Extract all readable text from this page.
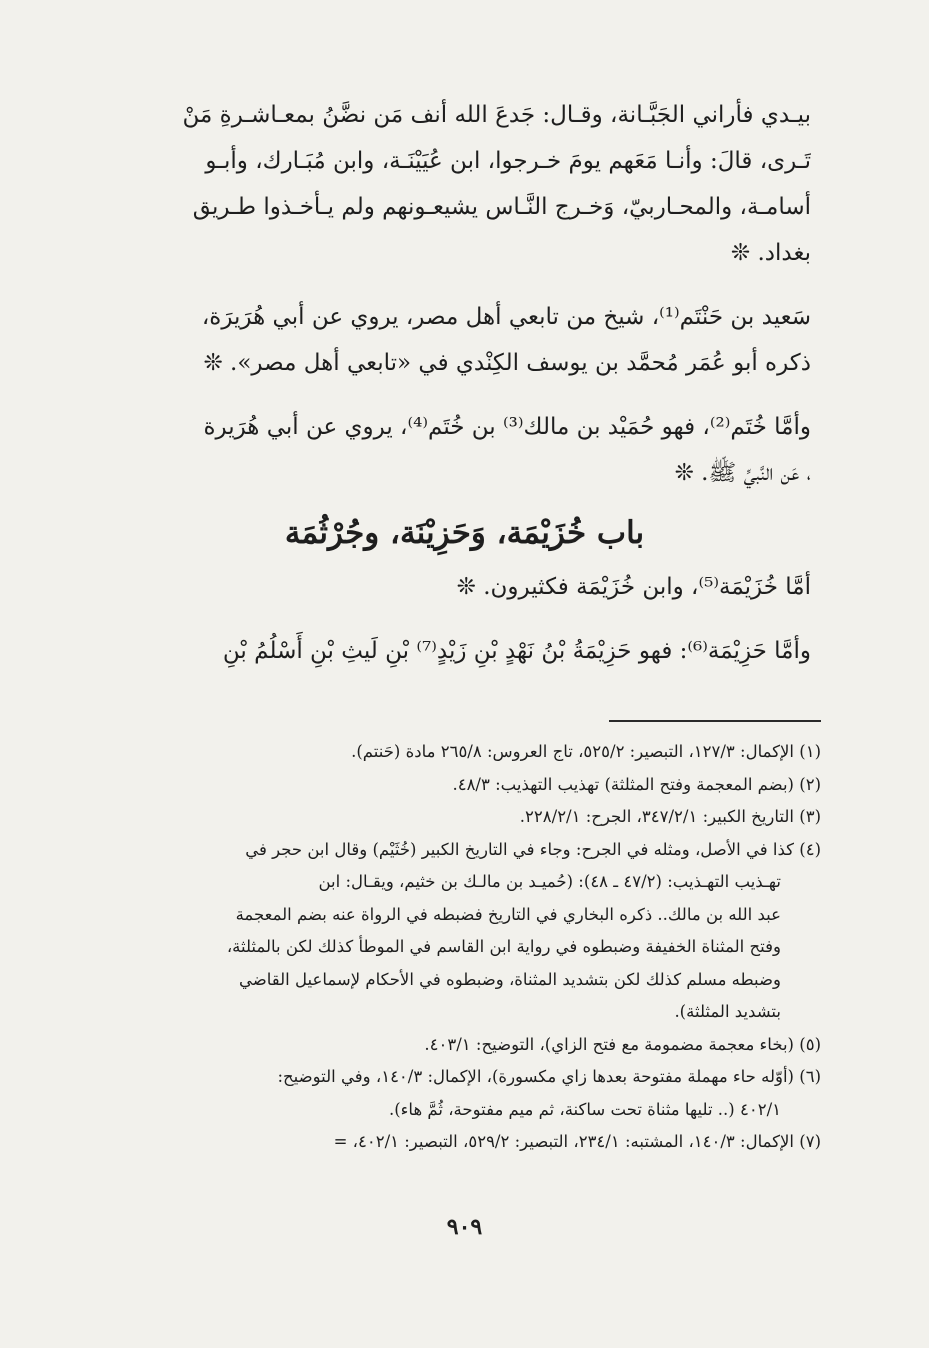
بيـدي فأراني الجَبَّـانة، وقـال: جَدعَ الله أنف مَن نضَّنُ بمعـاشـرةِ مَنْ
تَـرى، قالَ: وأنـا مَعَهم يومَ خـرجوا، ابن عُيَيْنَـة، وابن مُبَـارك، وأبـو
أسامـة، والمحـاربيّ، وَخـرج النَّـاس يشيعـونهم ولم يـأخـذوا طـريق
بغداد. ❊
سَعيد بن حَنْتَم⁽¹⁾، شيخ من تابعي أهل مصر، يروي عن أبي هُرَيرَة،
ذكره أبو عُمَر مُحمَّد بن يوسف الكِنْدي في «تابعي أهل مصر». ❊
وأمَّا خُتَم⁽²⁾، فهو حُمَيْد بن مالك⁽³⁾ بن خُتَم⁽⁴⁾، يروي عن أبي هُرَيرة
، عَن النَّبيِّ ﷺ. ❊
باب خُزَيْمَة، وَحَزِيْنَة، وجُرْثُمَة
أمَّا خُزَيْمَة⁽⁵⁾، وابن خُزَيْمَة فكثيرون. ❊
وأمَّا حَزِيْمَة⁽⁶⁾: فهو حَزِيْمَةُ بْنُ نَهْدٍ بْنِ زَيْدٍ⁽⁷⁾ بْنِ لَيثِ بْنِ أَسْلُمُ بْنِ
(١) الإكمال: ١٢٧/٣، التبصير: ٥٢٥/٢، تاج العروس: ٢٦٥/٨ مادة (حَنتم).
(٢) (بضم المعجمة وفتح المثلثة) تهذيب التهذيب: ٤٨/٣.
(٣) التاريخ الكبير: ٣٤٧/٢/١، الجرح: ٢٢٨/٢/١.
(٤) كذا في الأصل، ومثله في الجرح: وجاء في التاريخ الكبير (خُثَيْم) وقال ابن حجر في
تهـذيب التهـذيب: (٤٧/٢ ـ ٤٨): (حُميـد بن مالـك بن خثيم، ويقـال: ابن
عبد الله بن مالك.. ذكره البخاري في التاريخ فضبطه في الرواة عنه بضم المعجمة
وفتح المثناة الخفيفة وضبطوه في رواية ابن القاسم في الموطأ كذلك لكن بالمثلثة،
وضبطه مسلم كذلك لكن بتشديد المثناة، وضبطوه في الأحكام لإسماعيل القاضي
بتشديد المثلثة).
(٥) (بخاء معجمة مضمومة مع فتح الزاي)، التوضيح: ٤٠٣/١.
(٦) (أوّله حاء مهملة مفتوحة بعدها زاي مكسورة)، الإكمال: ١٤٠/٣، وفي التوضيح:
٤٠٢/١ (.. تليها مثناة تحت ساكنة، ثم ميم مفتوحة، ثُمَّ هاء).
(٧) الإكمال: ١٤٠/٣، المشتبه: ٢٣٤/١، التبصير: ٥٢٩/٢، التبصير: ٤٠٢/١، =
٩٠٩
